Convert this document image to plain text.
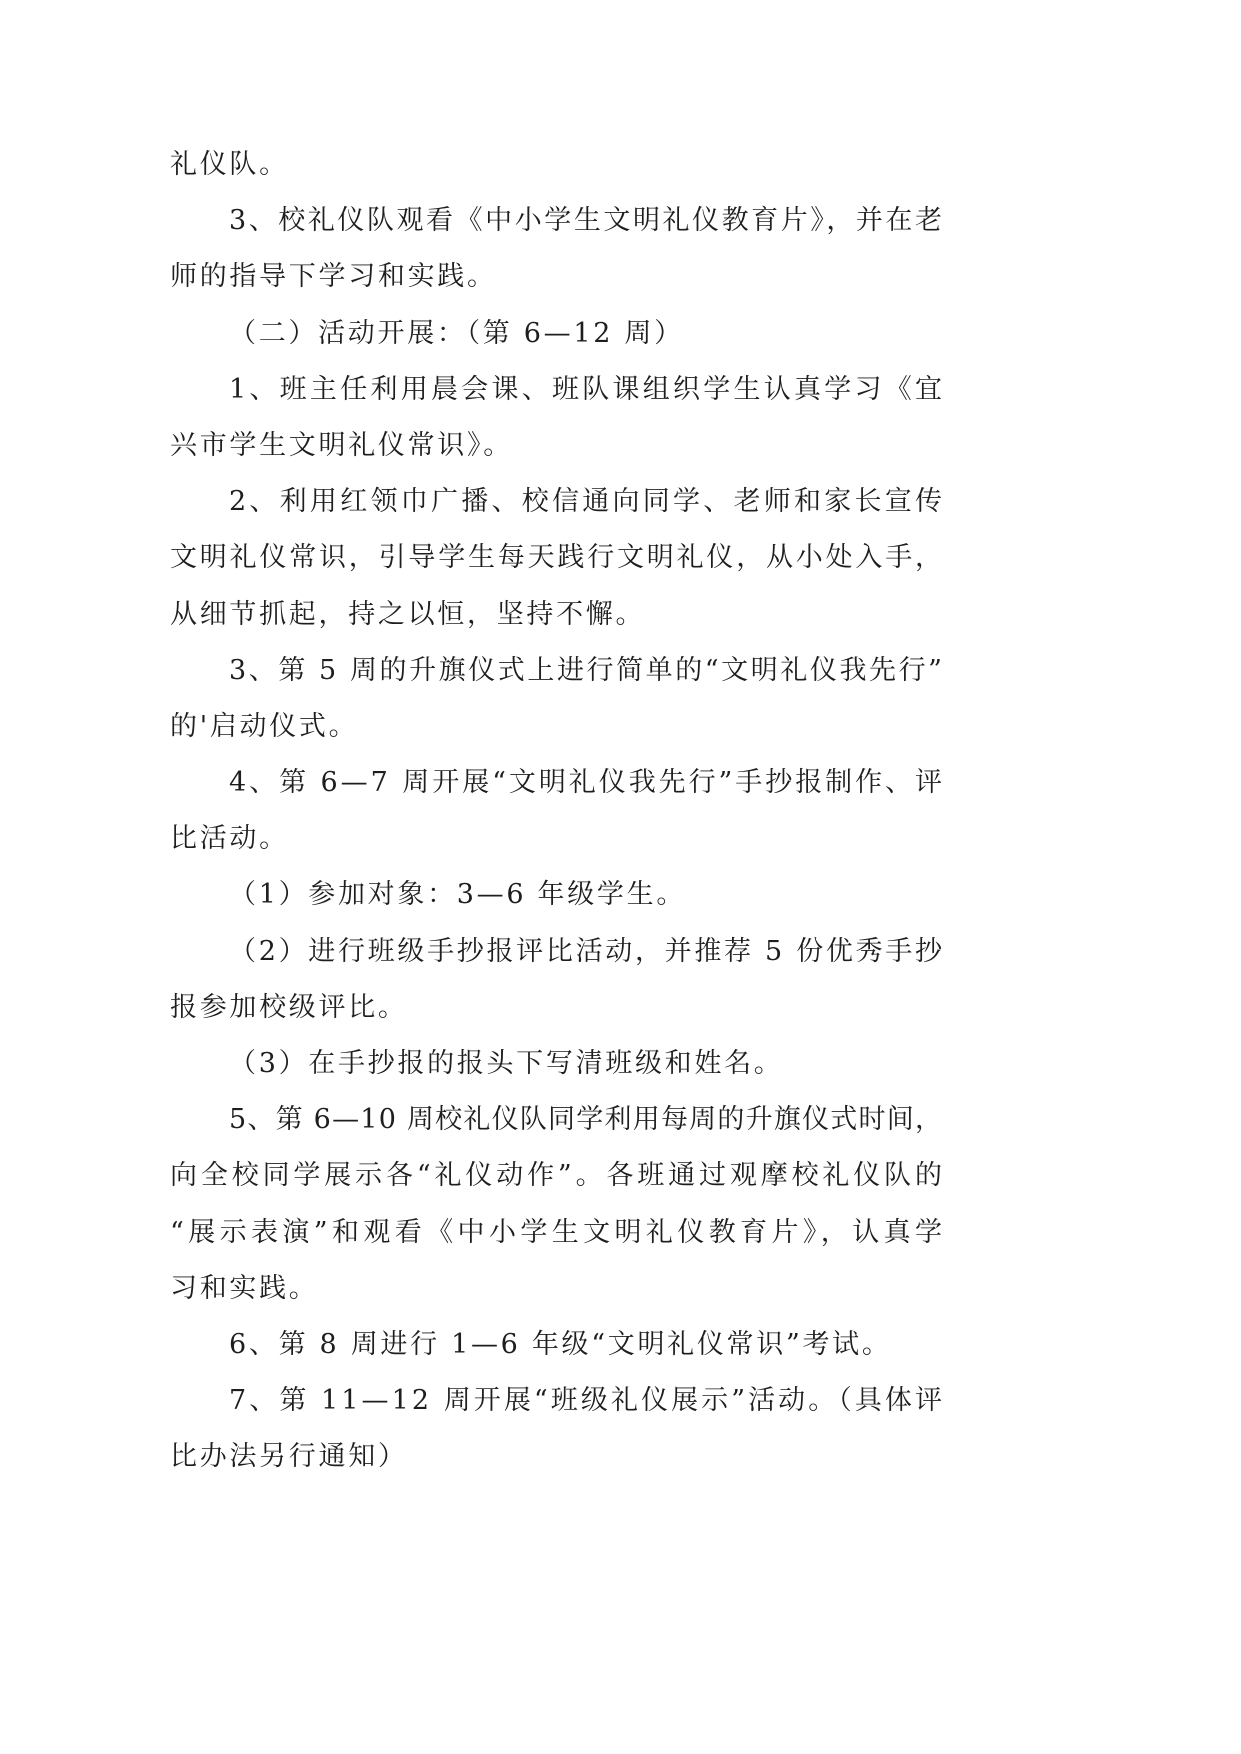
礼仪队。
3、校礼仪队观看《中小学生文明礼仪教育片》，并在老
师的指导下学习和实践。
（二）活动开展：（第 6—12 周）
1、班主任利用晨会课、班队课组织学生认真学习《宜
兴市学生文明礼仪常识》。
2、利用红领巾广播、校信通向同学、老师和家长宣传
文明礼仪常识，引导学生每天践行文明礼仪，从小处入手，
从细节抓起，持之以恒，坚持不懈。
3、第 5 周的升旗仪式上进行简单的“文明礼仪我先行”
的'启动仪式。
4、第 6—7 周开展“文明礼仪我先行”手抄报制作、评
比活动。
（1）参加对象：3—6 年级学生。
（2）进行班级手抄报评比活动，并推荐 5 份优秀手抄
报参加校级评比。
（3）在手抄报的报头下写清班级和姓名。
5、第 6—10 周校礼仪队同学利用每周的升旗仪式时间，
向全校同学展示各“礼仪动作”。各班通过观摩校礼仪队的
“展示表演”和观看《中小学生文明礼仪教育片》，认真学
习和实践。
6、第 8 周进行 1—6 年级“文明礼仪常识”考试。
7、第 11—12 周开展“班级礼仪展示”活动。（具体评
比办法另行通知）
